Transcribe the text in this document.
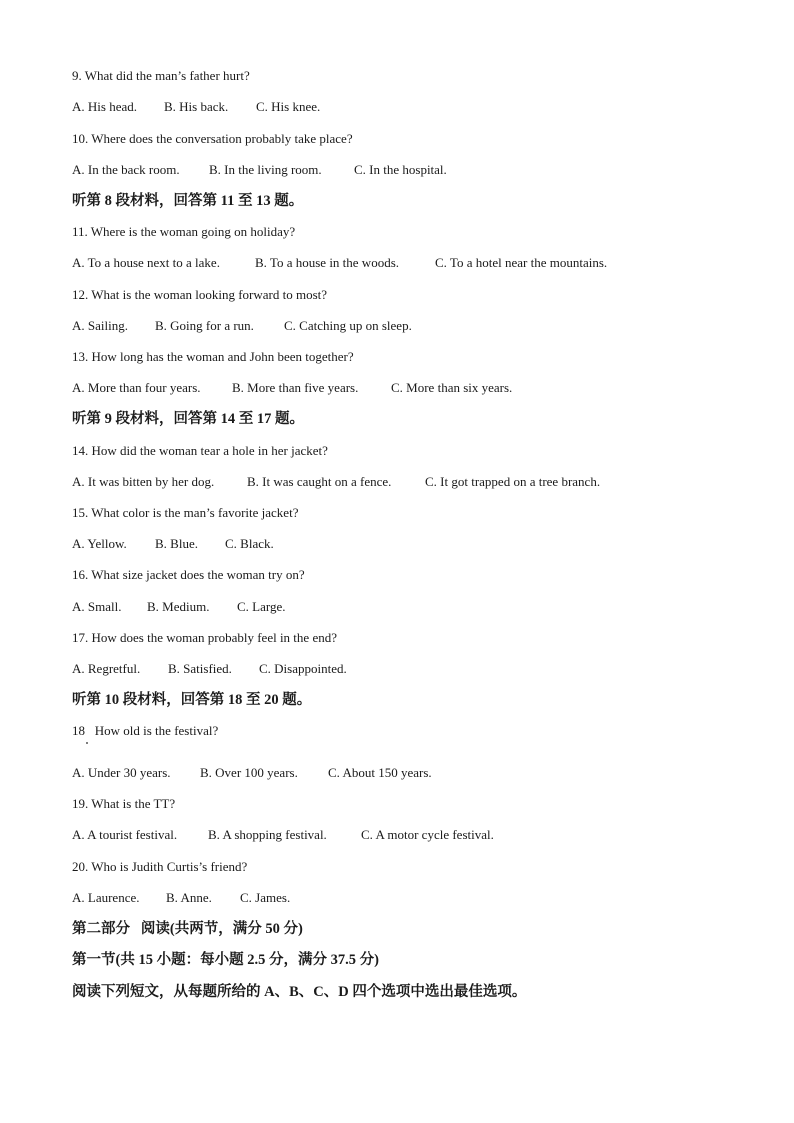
9. What did the man’s father hurt?
A. His head. B. His back. C. His knee.
10. Where does the conversation probably take place?
A. In the back room. B. In the living room. C. In the hospital.
听第 8 段材料，回答第 11 至 13 题。
11. Where is the woman going on holiday?
A. To a house next to a lake.	B. To a house in the woods.	C. To a hotel near the mountains.
12. What is the woman looking forward to most?
A. Sailing. B. Going for a run. C. Catching up on sleep.
13. How long has the woman and John been together?
A. More than four years. B. More than five years.	C. More than six years.
听第 9 段材料，回答第 14 至 17 题。
14. How did the woman tear a hole in her jacket?
A. It was bitten by her dog.	B. It was caught on a fence.	C. It got trapped on a tree branch.
15. What color is the man’s favorite jacket?
A. Yellow. B. Blue. C. Black.
16. What size jacket does the woman try on?
A. Small. B. Medium. C. Large.
17. How does the woman probably feel in the end?
A. Regretful. B. Satisfied. C. Disappointed.
听第 10 段材料，回答第 18 至 20 题。
18   How old is the festival?
A. Under 30 years. B. Over 100 years. C. About 150 years.
19. What is the TT?
A. A tourist festival. B. A shopping festival.	C. A motor cycle festival.
20. Who is Judith Curtis’s friend?
A. Laurence. B. Anne. C. James.
第二部分   阅读(共两节，满分 50 分)
第一节(共 15 小题：每小题 2.5 分，满分 37.5 分)
阅读下列短文，从每题所给的 A、B、C、D 四个选项中选出最佳选项。
